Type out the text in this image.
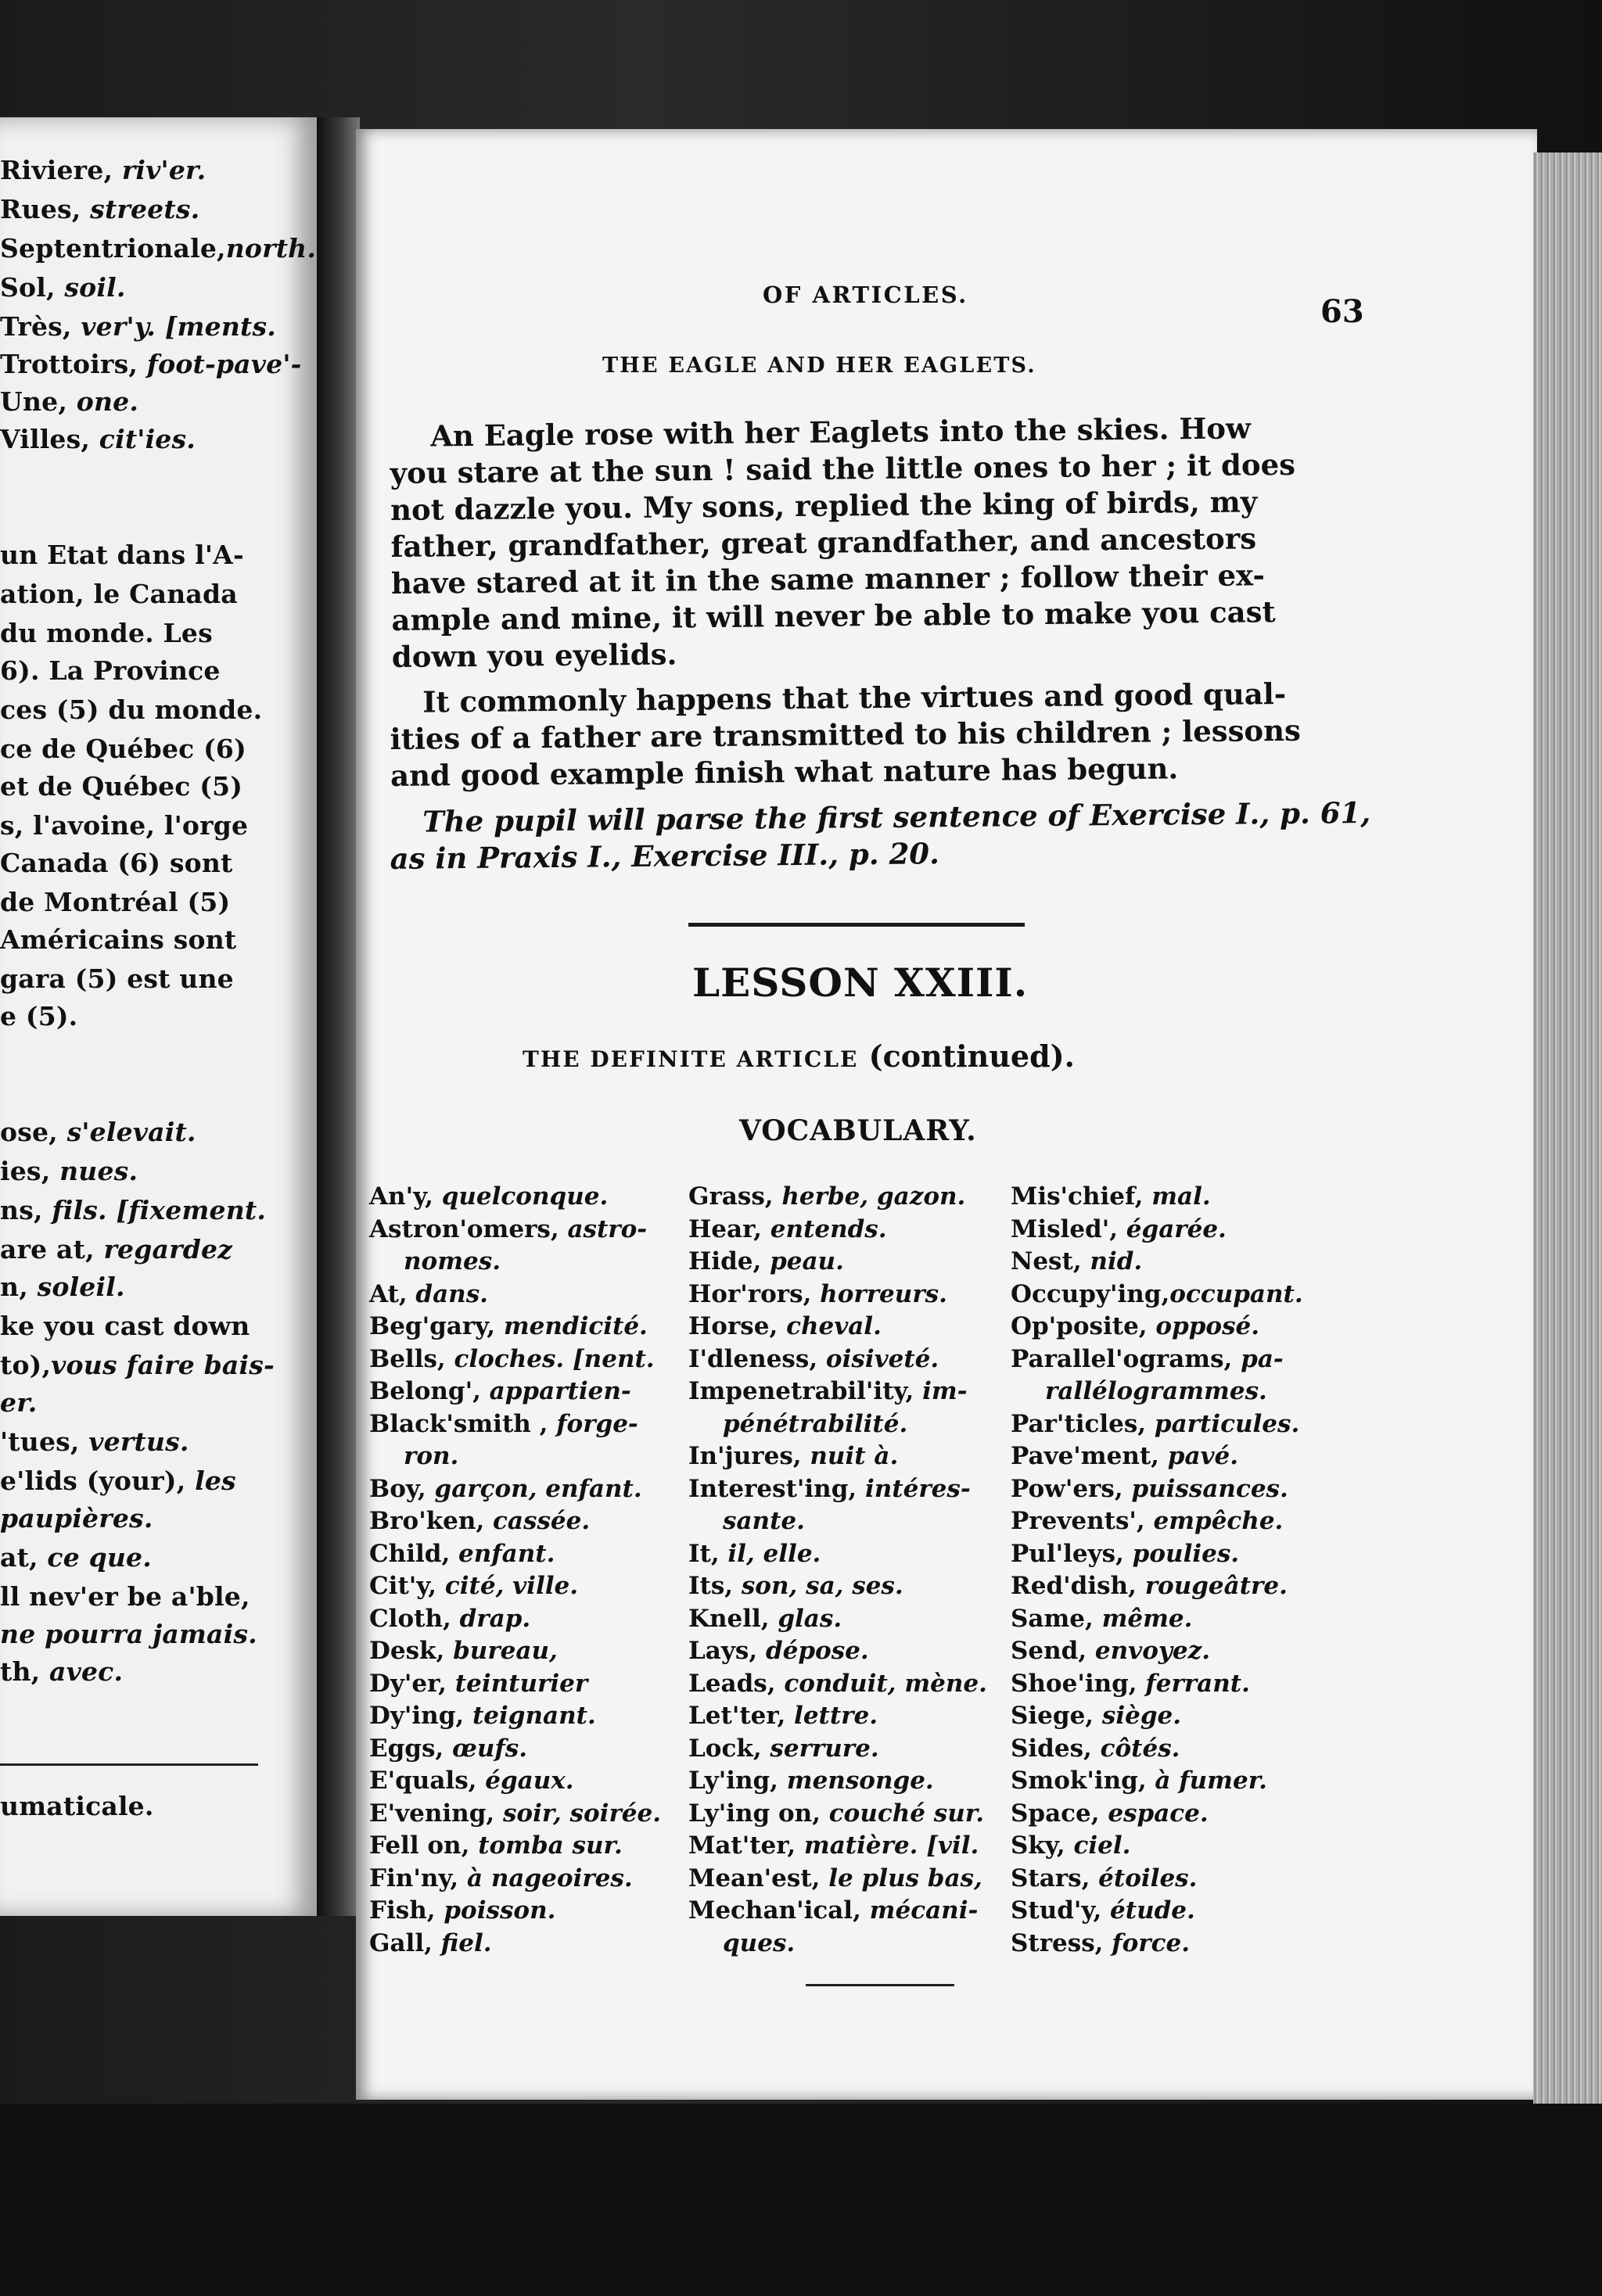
Riviere, riv'er.
Rues, streets.
Septentrionale,north.
Sol, soil.
Très, ver'y. [ments.
Trottoirs, foot-pave'-
Une, one.
Villes, cit'ies.
un Etat dans l'A-
ation, le Canada
du monde. Les
6). La Province
ces (5) du monde.
ce de Québec (6)
et de Québec (5)
s, l'avoine, l'orge
Canada (6) sont
de Montréal (5)
Américains sont
gara (5) est une
e (5).
ose, s'elevait.
ies, nues.
ns, fils. [fixement.
are at, regardez
n, soleil.
ke you cast down
to),vous faire bais-
er.
'tues, vertus.
e'lids (your), les
paupières.
at, ce que.
ll nev'er be a'ble,
ne pourra jamais.
th, avec.
umaticale.
OF ARTICLES.	63
THE EAGLE AND HER EAGLETS.
An Eagle rose with her Eaglets into the skies. How
you stare at the sun ! said the little ones to her ; it does
not dazzle you. My sons, replied the king of birds, my
father, grandfather, great grandfather, and ancestors
have stared at it in the same manner ; follow their ex-
ample and mine, it will never be able to make you cast
down you eyelids.
It commonly happens that the virtues and good qual-
ities of a father are transmitted to his children ; lessons
and good example finish what nature has begun.
The pupil will parse the first sentence of Exercise I., p. 61,
as in Praxis I., Exercise III., p. 20.
LESSON XXIII.
THE DEFINITE ARTICLE (continued).
VOCABULARY.
An'y, quelconque.
Astron'omers, astro-
nomes.
At, dans.
Beg'gary, mendicité.
Bells, cloches. [nent.
Belong', appartien-
Black'smith , forge-
ron.
Boy, garçon, enfant.
Bro'ken, cassée.
Child, enfant.
Cit'y, cité, ville.
Cloth, drap.
Desk, bureau,
Dy'er, teinturier
Dy'ing, teignant.
Eggs, œufs.
E'quals, égaux.
E'vening, soir, soirée.
Fell on, tomba sur.
Fin'ny, à nageoires.
Fish, poisson.
Gall, fiel.
Grass, herbe, gazon.
Hear, entends.
Hide, peau.
Hor'rors, horreurs.
Horse, cheval.
I'dleness, oisiveté.
Impenetrabil'ity, im-
pénétrabilité.
In'jures, nuit à.
Interest'ing, intéres-
sante.
It, il, elle.
Its, son, sa, ses.
Knell, glas.
Lays, dépose.
Leads, conduit, mène.
Let'ter, lettre.
Lock, serrure.
Ly'ing, mensonge.
Ly'ing on, couché sur.
Mat'ter, matière. [vil.
Mean'est, le plus bas,
Mechan'ical, mécani-
ques.
Mis'chief, mal.
Misled', égarée.
Nest, nid.
Occupy'ing,occupant.
Op'posite, opposé.
Parallel'ograms, pa-
rallélogrammes.
Par'ticles, particules.
Pave'ment, pavé.
Pow'ers, puissances.
Prevents', empêche.
Pul'leys, poulies.
Red'dish, rougeâtre.
Same, même.
Send, envoyez.
Shoe'ing, ferrant.
Siege, siège.
Sides, côtés.
Smok'ing, à fumer.
Space, espace.
Sky, ciel.
Stars, étoiles.
Stud'y, étude.
Stress, force.
